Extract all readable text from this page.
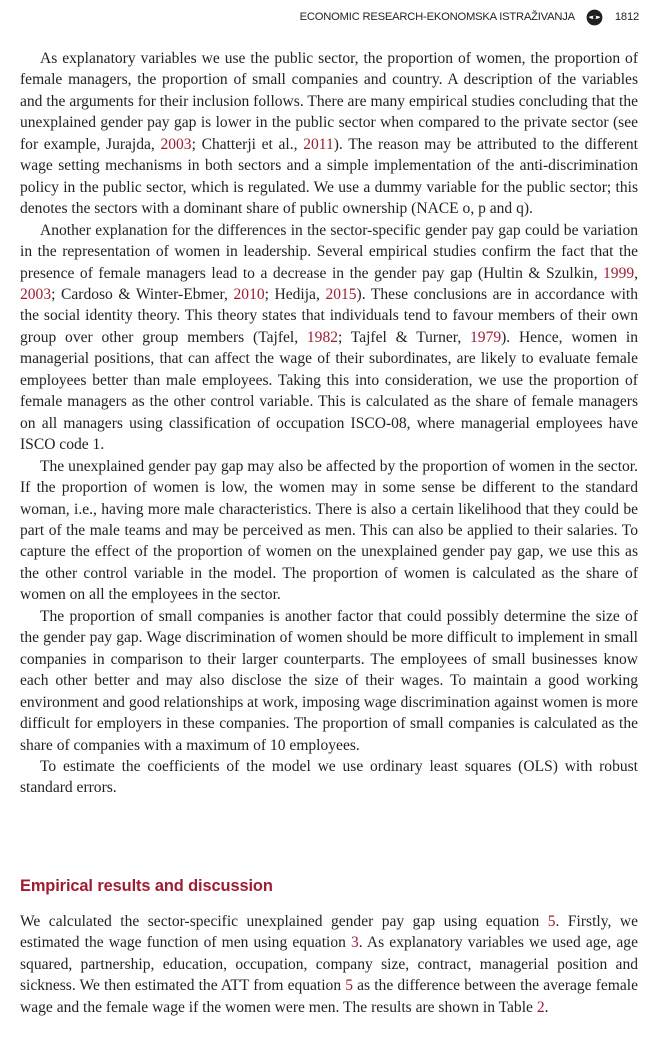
ECONOMIC RESEARCH-EKONOMSKA ISTRAŽIVANJA	1812

As explanatory variables we use the public sector, the proportion of women, the proportion of female managers, the proportion of small companies and country. A description of the variables and the arguments for their inclusion follows. There are many empirical studies concluding that the unexplained gender pay gap is lower in the public sector when compared to the private sector (see for example, Jurajda, 2003; Chatterji et al., 2011). The reason may be attributed to the different wage setting mechanisms in both sectors and a simple implementation of the anti-discrimination policy in the public sector, which is regulated. We use a dummy variable for the public sector; this denotes the sectors with a dominant share of public ownership (NACE o, p and q).

Another explanation for the differences in the sector-specific gender pay gap could be variation in the representation of women in leadership. Several empirical studies confirm the fact that the presence of female managers lead to a decrease in the gender pay gap (Hultin & Szulkin, 1999, 2003; Cardoso & Winter-Ebmer, 2010; Hedija, 2015). These conclusions are in accordance with the social identity theory. This theory states that individuals tend to favour members of their own group over other group members (Tajfel, 1982; Tajfel & Turner, 1979). Hence, women in managerial positions, that can affect the wage of their subordinates, are likely to evaluate female employees better than male employees. Taking this into consideration, we use the proportion of female managers as the other control variable. This is calculated as the share of female managers on all managers using classification of occupation ISCO-08, where managerial employees have ISCO code 1.

The unexplained gender pay gap may also be affected by the proportion of women in the sector. If the proportion of women is low, the women may in some sense be different to the standard woman, i.e., having more male characteristics. There is also a certain likelihood that they could be part of the male teams and may be perceived as men. This can also be applied to their salaries. To capture the effect of the proportion of women on the unexplained gender pay gap, we use this as the other control variable in the model. The proportion of women is calculated as the share of women on all the employees in the sector.

The proportion of small companies is another factor that could possibly determine the size of the gender pay gap. Wage discrimination of women should be more difficult to implement in small companies in comparison to their larger counterparts. The employees of small businesses know each other better and may also disclose the size of their wages. To maintain a good working environment and good relationships at work, imposing wage discrimination against women is more difficult for employers in these companies. The proportion of small companies is calculated as the share of companies with a maximum of 10 employees.

To estimate the coefficients of the model we use ordinary least squares (OLS) with robust standard errors.

Empirical results and discussion

We calculated the sector-specific unexplained gender pay gap using equation 5. Firstly, we estimated the wage function of men using equation 3. As explanatory variables we used age, age squared, partnership, education, occupation, company size, contract, managerial position and sickness. We then estimated the ATT from equation 5 as the difference between the average female wage and the female wage if the women were men. The results are shown in Table 2.
